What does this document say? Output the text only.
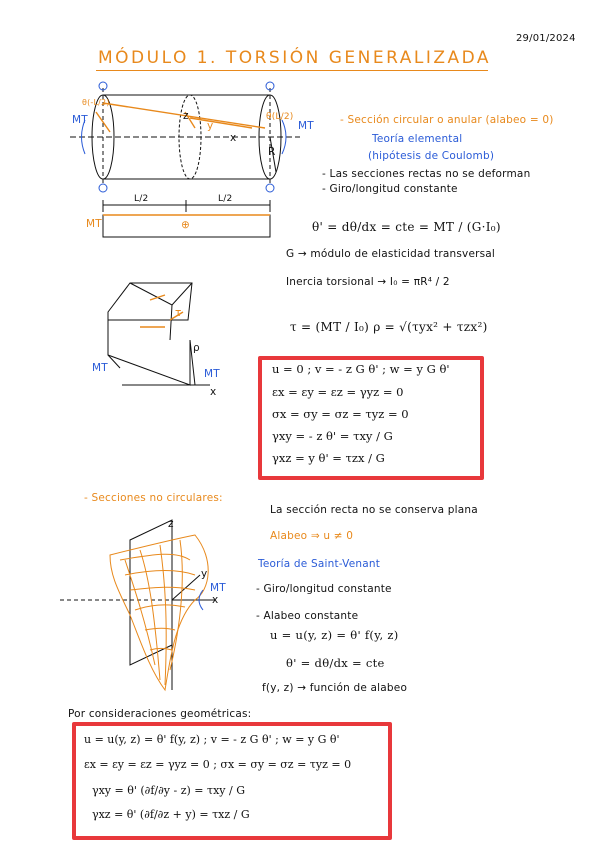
29/01/2024
MÓDULO 1. TORSIÓN GENERALIZADA
MT	MT
θ(-L/2)
θ(L/2)
R
z
y
x
L/2	L/2
MT	⊕
- Sección circular o anular (alabeo = 0)
Teoría elemental
(hipótesis de Coulomb)
- Las secciones rectas no se deforman
- Giro/longitud constante
θ' = dθ/dx = cte = MT / (G·I₀)
G → módulo de elasticidad transversal
Inercia torsional → I₀ = πR⁴ / 2
τ = (MT / I₀) ρ = √(τyx² + τzx²)
τ
ρ
MT	MT
x
u = 0 ; v = - z G θ' ; w = y G θ'
εx = εy = εz = γyz = 0
σx = σy = σz = τyz = 0
γxy = - z θ' = τxy / G
γxz = y θ' = τzx / G
- Secciones no circulares:
La sección recta no se conserva plana
Alabeo ⇒ u ≠ 0
Teoría de Saint-Venant
- Giro/longitud constante
- Alabeo constante
u = u(y, z) = θ' f(y, z)
θ' = dθ/dx = cte
f(y, z) → función de alabeo
z
y
x
MT
Por consideraciones geométricas:
u = u(y, z) = θ' f(y, z) ; v = - z G θ' ; w = y G θ'
εx = εy = εz = γyz = 0 ; σx = σy = σz = τyz = 0
γxy = θ' (∂f/∂y - z) = τxy / G
γxz = θ' (∂f/∂z + y) = τxz / G
